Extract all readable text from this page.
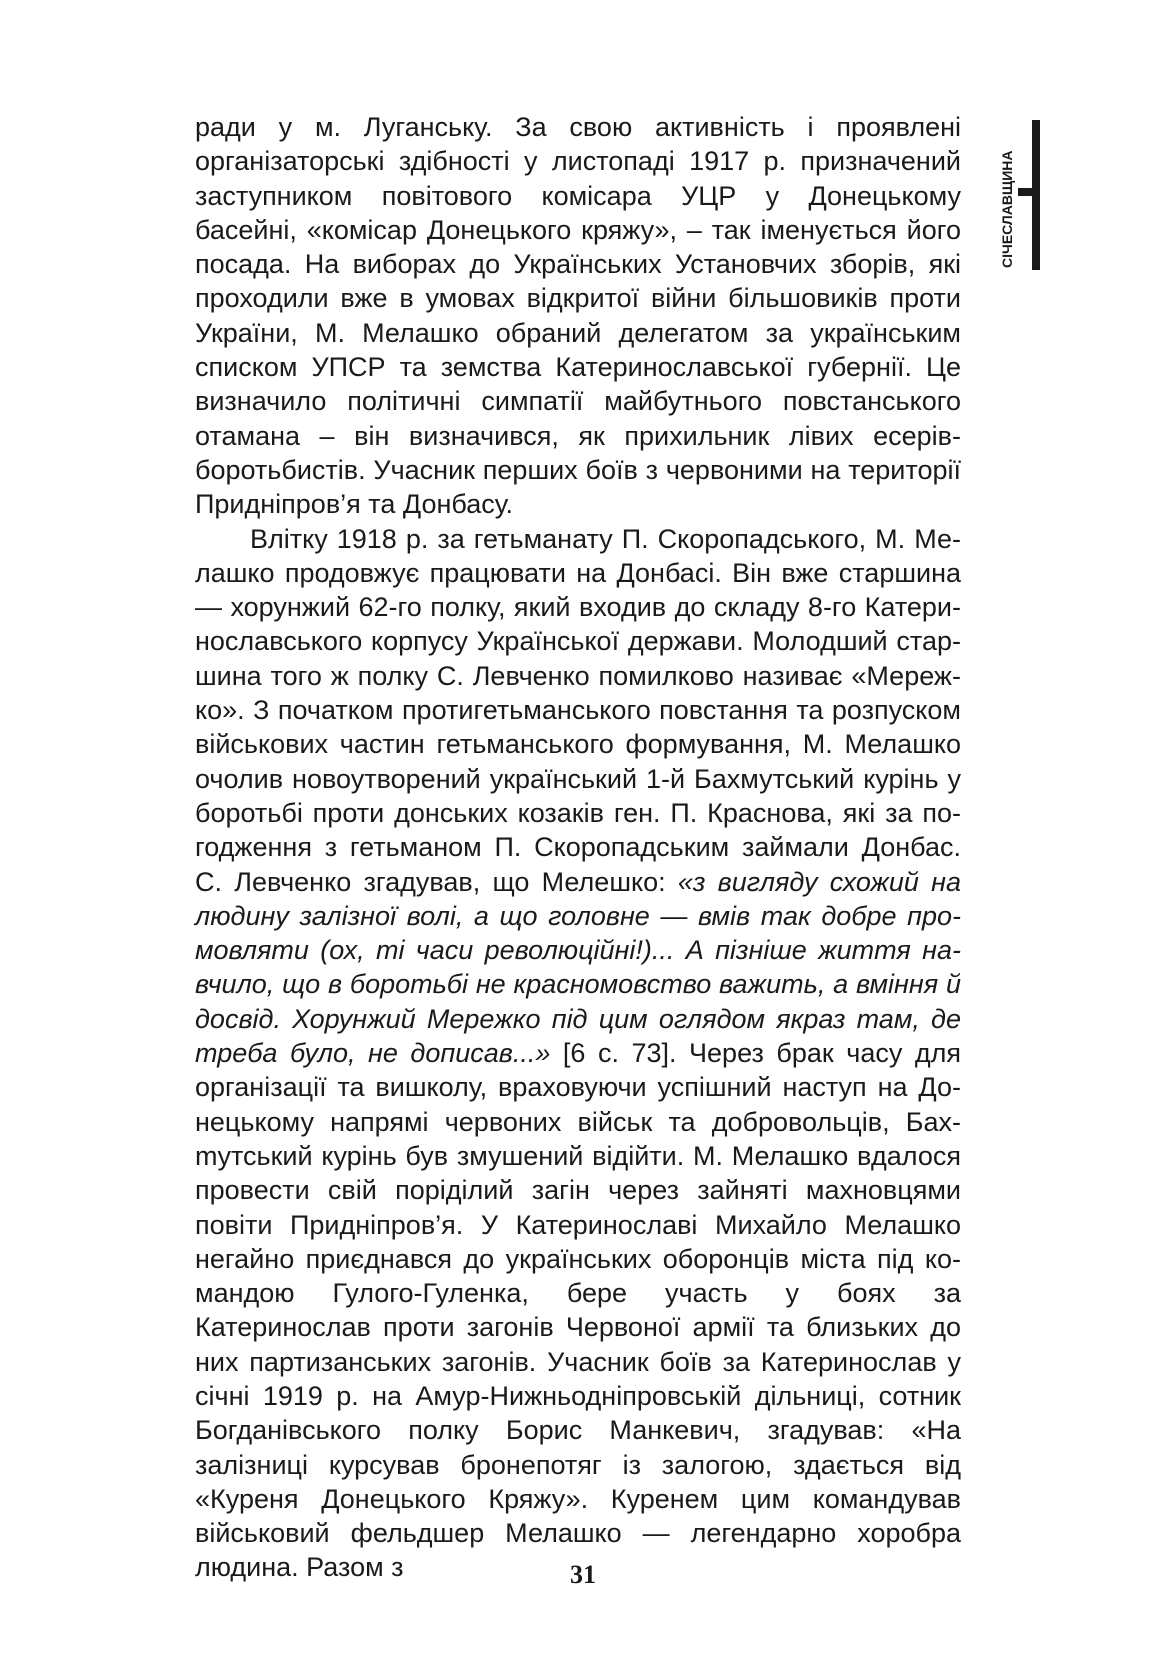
СІЧЕСЛАВЩИНА

ради у м. Луганську. За свою активність і проявлені організаторські здібності у листопаді 1917 р. призначений заступником повітового комісара УЦР у Донецькому басейні, «комісар Донецького кряжу», – так іменується його посада. На виборах до Українських Установчих зборів, які проходили вже в умовах відкритої війни більшовиків проти України, М. Мелашко обраний делегатом за українським списком УПСР та земства Катеринославської губернії. Це визначило політичні симпатії майбутнього повстанського отамана – він визначився, як прихильник лівих есерів-боротьбистів. Учасник перших боїв з червоними на території Придніпров’я та Донбасу.

Влітку 1918 р. за гетьманату П. Скоропадського, М. Мелашко продовжує працювати на Донбасі. Він вже старшина — хорунжий 62-го полку, який входив до складу 8-го Катеринославського корпусу Української держави. Молодший старшина того ж полку С. Левченко помилково називає «Мережко». З початком протигетьманського повстання та розпуском військових частин гетьманського формування, М. Мелашко очолив новоутворений український 1-й Бахмутський курінь у боротьбі проти донських козаків ген. П. Краснова, які за погодження з гетьманом П. Скоропадським займали Донбас. С. Левченко згадував, що Мелешко: «з вигляду схожий на людину залізної волі, а що головне — вмів так добре промовляти (ох, ті часи революційні!)... А пізніше життя навчило, що в боротьбі не красномовство важить, а вміння й досвід. Хорунжий Мережко під цим оглядом якраз там, де треба було, не дописав...» [6 с. 73]. Через брак часу для організації та вишколу, враховуючи успішний наступ на Донецькому напрямі червоних військ та добровольців, Бахmутський курінь був змушений відійти. М. Мелашко вдалося провести свій поріділий загін через зайняті махновцями повіти Придніпров’я. У Катеринославі Михайло Мелашко негайно приєднався до українських оборонців міста під командою Гулого-Гуленка, бере участь у боях за Катеринослав проти загонів Червоної армії та близьких до них партизанських загонів. Учасник боїв за Катеринослав у січні 1919 р. на Амур-Нижньодніпровській дільниці, сотник Богданівського полку Борис Манкевич, згадував: «На залізниці курсував бронепотяг із залогою, здається від «Куреня Донецького Кряжу». Куренем цим командував військовий фельдшер Мелашко — легендарно хоробра людина. Разом з	31
